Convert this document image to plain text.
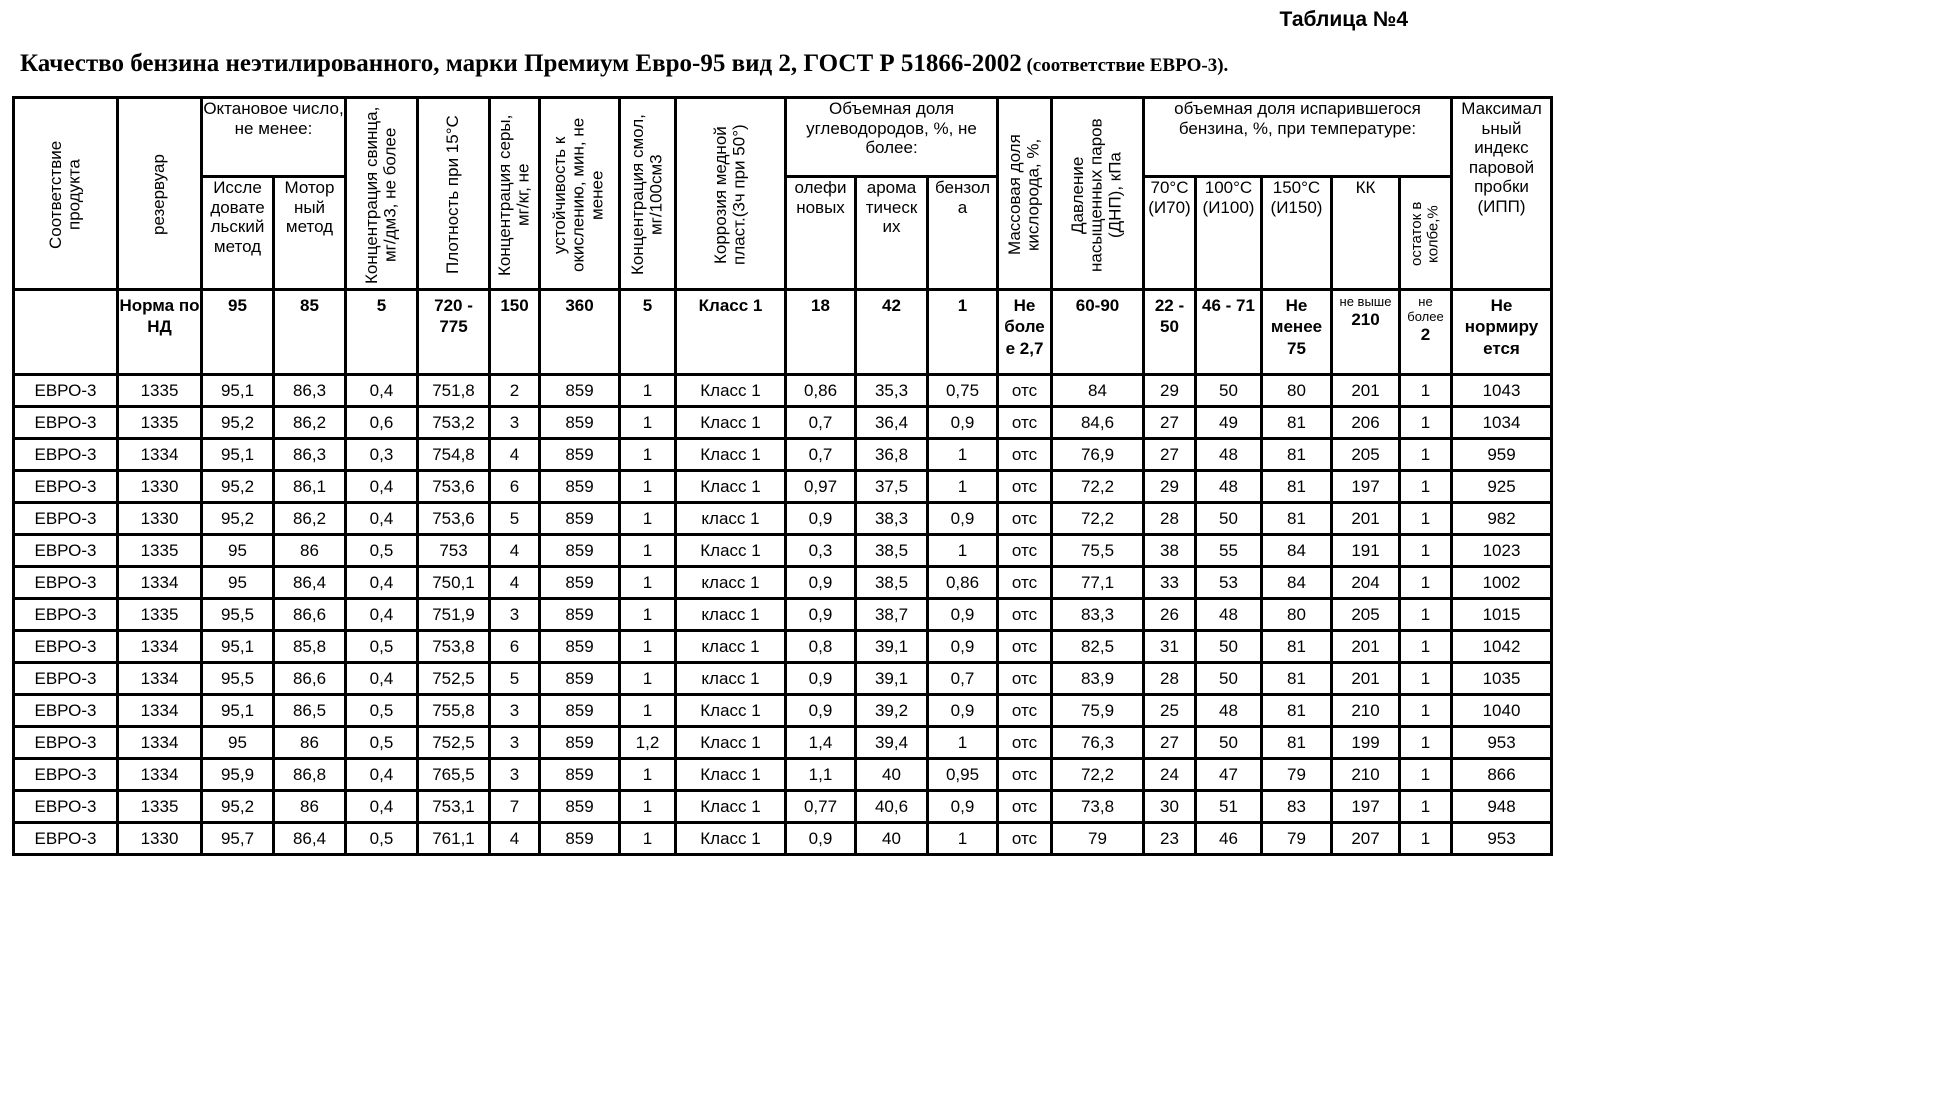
Таблица №4
Качество бензина неэтилированного, марки Премиум Евро-95 вид 2, ГОСТ Р 51866-2002 (соответствие ЕВРО-3).
Соответствие продукта	резервуар
	Октановое число, не менее:	Концентрация свинца, мг/дм3, не более	Плотность при 15°С	Концентрация серы, мг/кг, не	устойчивость к окислению, мин, не менее	Концентрация смол, мг/100см3	Коррозия медной пласт.(3ч при 50°)
	Объемная доля углеводородов, %, не более:	Массовая доля кислорода, %,	Давление насыщенных паров (ДНП), кПа
	объемная доля испарившегося бензина, %, при температуре:	Максимал ьный индекс паровой пробки (ИПП)
Иссле довате льский метод	Мотор ный метод	олефи новых	арома тическ их	бензол а	70°С (И70)	100°С (И100)	150°С (И150)	КК	
остаток в колбе,%

	Норма по НД	95	85	5	720 - 775	150	360	5	Класс 1	18	42	1	Не боле е 2,7	60-90	22 - 50	46 - 71	Не менее 75	не выше
210	не более
2	Не нормиру ется
ЕВРО-3	1335	95,1	86,3	0,4	751,8	2	859	1	Класс 1	0,86	35,3	0,75	отс	84	29	50	80	201	1	1043
ЕВРО-3	1335	95,2	86,2	0,6	753,2	3	859	1	Класс 1	0,7	36,4	0,9	отс	84,6	27	49	81	206	1	1034
ЕВРО-3	1334	95,1	86,3	0,3	754,8	4	859	1	Класс 1	0,7	36,8	1	отс	76,9	27	48	81	205	1	959
ЕВРО-3	1330	95,2	86,1	0,4	753,6	6	859	1	Класс 1	0,97	37,5	1	отс	72,2	29	48	81	197	1	925
ЕВРО-3	1330	95,2	86,2	0,4	753,6	5	859	1	класс 1	0,9	38,3	0,9	отс	72,2	28	50	81	201	1	982
ЕВРО-3	1335	95	86	0,5	753	4	859	1	Класс 1	0,3	38,5	1	отс	75,5	38	55	84	191	1	1023
ЕВРО-3	1334	95	86,4	0,4	750,1	4	859	1	класс 1	0,9	38,5	0,86	отс	77,1	33	53	84	204	1	1002
ЕВРО-3	1335	95,5	86,6	0,4	751,9	3	859	1	класс 1	0,9	38,7	0,9	отс	83,3	26	48	80	205	1	1015
ЕВРО-3	1334	95,1	85,8	0,5	753,8	6	859	1	класс 1	0,8	39,1	0,9	отс	82,5	31	50	81	201	1	1042
ЕВРО-3	1334	95,5	86,6	0,4	752,5	5	859	1	класс 1	0,9	39,1	0,7	отс	83,9	28	50	81	201	1	1035
ЕВРО-3	1334	95,1	86,5	0,5	755,8	3	859	1	Класс 1	0,9	39,2	0,9	отс	75,9	25	48	81	210	1	1040
ЕВРО-3	1334	95	86	0,5	752,5	3	859	1,2	Класс 1	1,4	39,4	1	отс	76,3	27	50	81	199	1	953
ЕВРО-3	1334	95,9	86,8	0,4	765,5	3	859	1	Класс 1	1,1	40	0,95	отс	72,2	24	47	79	210	1	866
ЕВРО-3	1335	95,2	86	0,4	753,1	7	859	1	Класс 1	0,77	40,6	0,9	отс	73,8	30	51	83	197	1	948
ЕВРО-3	1330	95,7	86,4	0,5	761,1	4	859	1	Класс 1	0,9	40	1	отс	79	23	46	79	207	1	953
